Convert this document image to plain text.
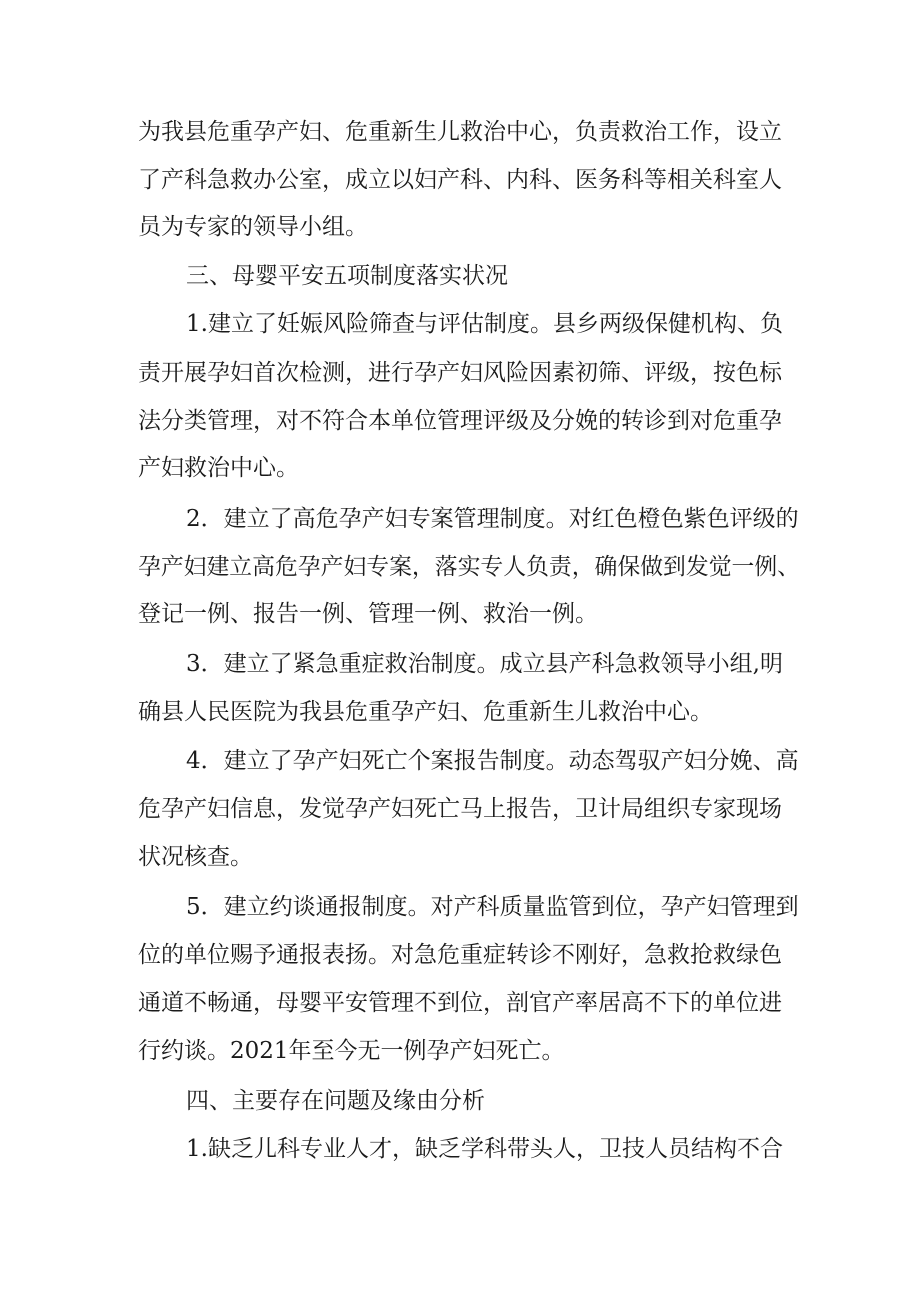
为我县危重孕产妇、危重新生儿救治中心，负责救治工作，设立

了产科急救办公室，成立以妇产科、内科、医务科等相关科室人

员为专家的领导小组。

三、母婴平安五项制度落实状况

1.建立了妊娠风险筛查与评估制度。县乡两级保健机构、负

责开展孕妇首次检测，进行孕产妇风险因素初筛、评级，按色标

法分类管理，对不符合本单位管理评级及分娩的转诊到对危重孕

产妇救治中心。

2．建立了高危孕产妇专案管理制度。对红色橙色紫色评级的

孕产妇建立高危孕产妇专案，落实专人负责，确保做到发觉一例、

登记一例、报告一例、管理一例、救治一例。

3．建立了紧急重症救治制度。成立县产科急救领导小组,明

确县人民医院为我县危重孕产妇、危重新生儿救治中心。

4．建立了孕产妇死亡个案报告制度。动态驾驭产妇分娩、高

危孕产妇信息，发觉孕产妇死亡马上报告，卫计局组织专家现场

状况核查。

5．建立约谈通报制度。对产科质量监管到位，孕产妇管理到

位的单位赐予通报表扬。对急危重症转诊不刚好，急救抢救绿色

通道不畅通，母婴平安管理不到位，剖官产率居高不下的单位进

行约谈。2021年至今无一例孕产妇死亡。

四、主要存在问题及缘由分析

1.缺乏儿科专业人才，缺乏学科带头人，卫技人员结构不合
